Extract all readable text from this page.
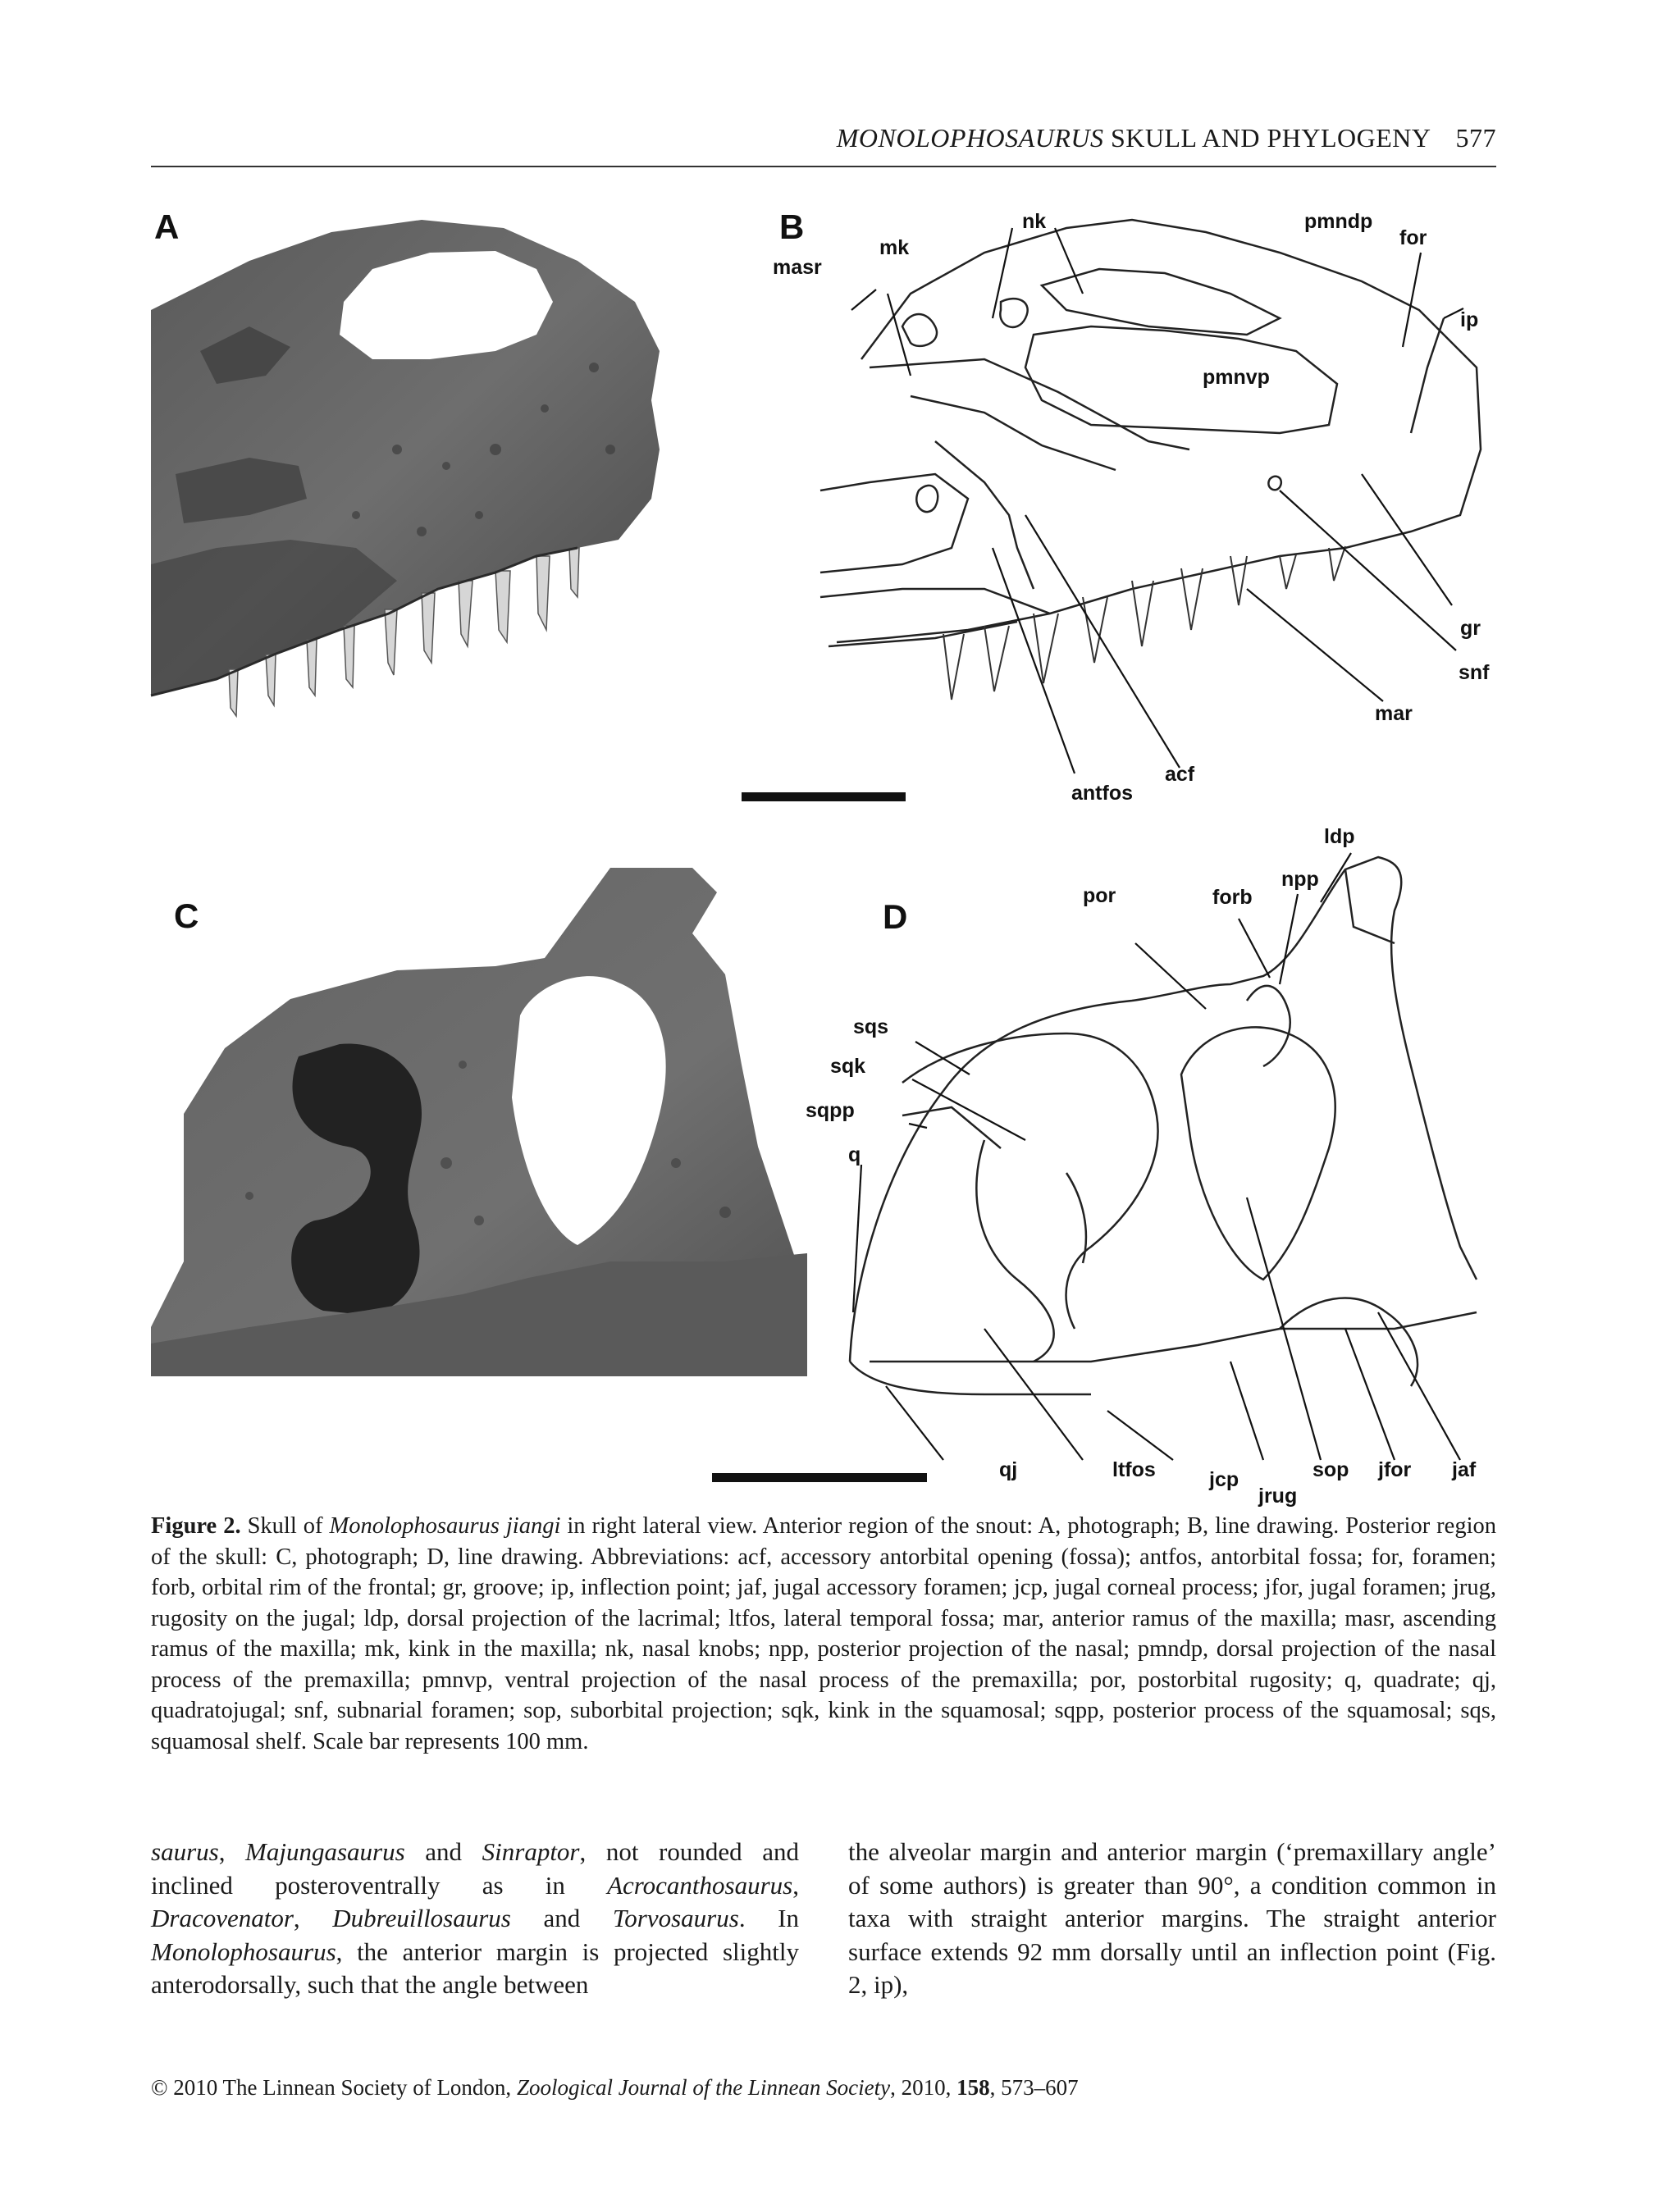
MONOLOPHOSAURUS SKULL AND PHYLOGENY 577
A	nk	pmndp
for
mk
masr
ip
pmnvp
gr
snf
mar
acf
antfos
B
C
ldp
npp
forb
por
sqs
sqk
sqpp
q
qj	ltfos	jcp
jrug
sop jfor jaf
D
Figure 2. Skull of Monolophosaurus jiangi in right lateral view. Anterior region of the snout: A, photograph; B, line drawing. Posterior region of the skull: C, photograph; D, line drawing. Abbreviations: acf, accessory antorbital opening (fossa); antfos, antorbital fossa; for, foramen; forb, orbital rim of the frontal; gr, groove; ip, inflection point; jaf, jugal accessory foramen; jcp, jugal corneal process; jfor, jugal foramen; jrug, rugosity on the jugal; ldp, dorsal projection of the lacrimal; ltfos, lateral temporal fossa; mar, anterior ramus of the maxilla; masr, ascending ramus of the maxilla; mk, kink in the maxilla; nk, nasal knobs; npp, posterior projection of the nasal; pmndp, dorsal projection of the nasal process of the premaxilla; pmnvp, ventral projection of the nasal process of the premaxilla; por, postorbital rugosity; q, quadrate; qj, quadratojugal; snf, subnarial foramen; sop, suborbital projection; sqk, kink in the squamosal; sqpp, posterior process of the squamosal; sqs, squamosal shelf. Scale bar represents 100 mm.
saurus, Majungasaurus and Sinraptor, not rounded and inclined posteroventrally as in Acrocanthosaurus, Dracovenator, Dubreuillosaurus and Torvosaurus. In Monolophosaurus, the anterior margin is projected slightly anterodorsally, such that the angle between
the alveolar margin and anterior margin (‘premaxillary angle’ of some authors) is greater than 90°, a condition common in taxa with straight anterior margins. The straight anterior surface extends 92 mm dorsally until an inflection point (Fig. 2, ip),
© 2010 The Linnean Society of London, Zoological Journal of the Linnean Society, 2010, 158, 573–607
